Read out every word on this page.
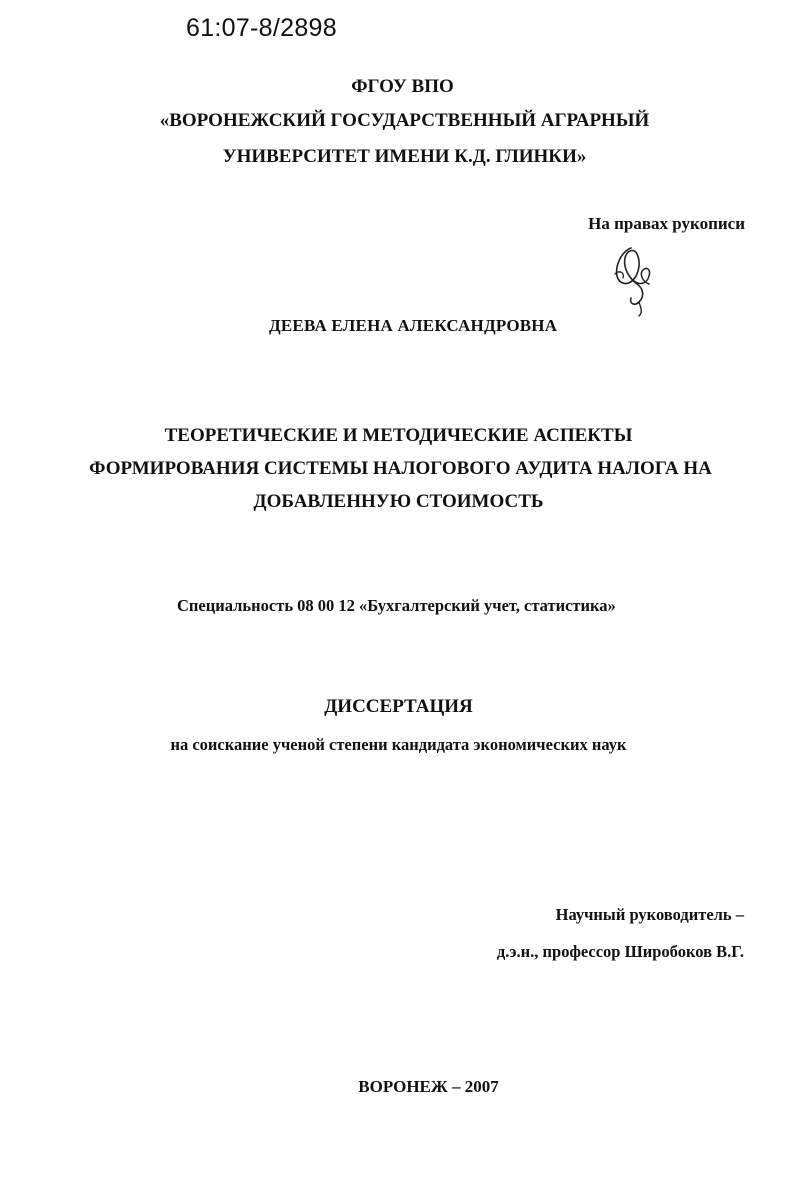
61:07-8/2898
ФГОУ ВПО
«ВОРОНЕЖСКИЙ ГОСУДАРСТВЕННЫЙ АГРАРНЫЙ
УНИВЕРСИТЕТ ИМЕНИ К.Д. ГЛИНКИ»
На правах рукописи
ДЕЕВА ЕЛЕНА АЛЕКСАНДРОВНА
ТЕОРЕТИЧЕСКИЕ И МЕТОДИЧЕСКИЕ АСПЕКТЫ
ФОРМИРОВАНИЯ СИСТЕМЫ НАЛОГОВОГО АУДИТА НАЛОГА НА
ДОБАВЛЕННУЮ СТОИМОСТЬ
Специальность 08 00 12 «Бухгалтерский учет, статистика»
ДИССЕРТАЦИЯ
на соискание ученой степени кандидата экономических наук
Научный руководитель –
д.э.н., профессор Широбоков В.Г.
ВОРОНЕЖ – 2007
